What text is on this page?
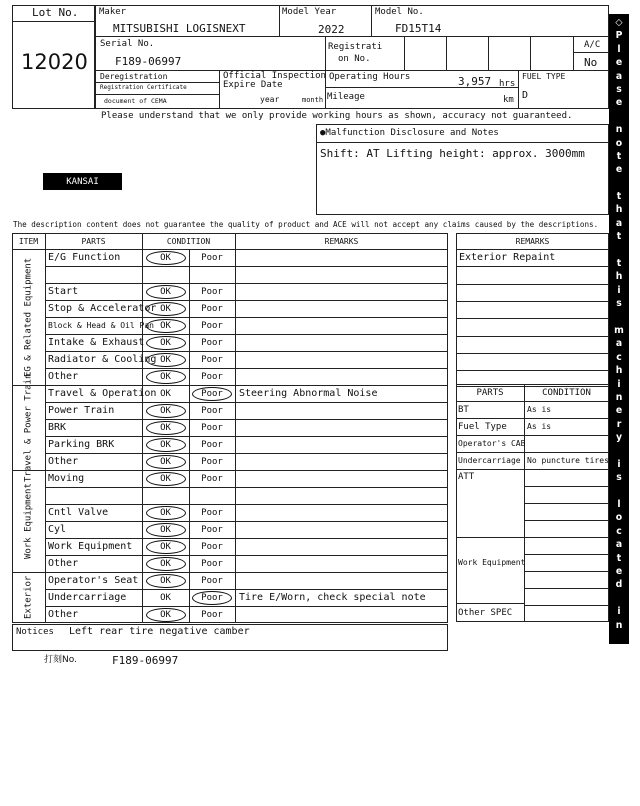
Lot No.
12020
Maker
MITSUBISHI LOGISNEXT
Model Year
2022
Model No.
FD15T14
Serial No.
F189-06997
Registrati
on No.
A/C
No
Deregistration
Registration Certificate
document of CEMA
Official Inspection
Expire Date
year	month
Operating Hours	3,957 hrs
Mileage	km
FUEL TYPE
D
Please understand that we only provide working hours as shown, accuracy not guaranteed.
●Malfunction Disclosure and Notes
Shift: AT Lifting height: approx. 3000mm
KANSAI
The description content does not guarantee the quality of product and ACE will not accept any claims caused by the descriptions.
ITEM	PARTS	CONDITION	REMARKS
EG & Related Equipment	E/G Function	OK	Poor
Start	OK	Poor
Stop & Accelerator OK	Poor
Block & Head & Oil Pan OK	Poor
Intake & Exhaust	OK	Poor
Radiator & Cooling OK	Poor
Other	OK	Poor
Travel & Power Train	Travel & Operation OK	Poor	Steering Abnormal Noise
Power Train	OK	Poor
BRK	OK	Poor
Parking BRK	OK	Poor
Other	OK	Poor
Work Equipment
Moving	OK	Poor
Cntl Valve	OK	Poor
Cyl	OK	Poor
Work Equipment	OK	Poor
Other	OK	Poor
Exterior	Operator's Seat	OK	Poor
Undercarriage	OK	Poor	Tire E/Worn, check special note
Other	OK	Poor
REMARKS
Exterior Repaint
PARTS	CONDITION
BT	As is
Fuel Type	As is
Operator's CAB
Undercarriage No puncture tires
ATT
Work Equipment
Other SPEC
Notices Left rear tire negative camber
打刻No.	F189-06997
◇
P
l
e
a
s
e

n
o
t
e

t
h
a
t

t
h
i
s

m
a
c
h
i
n
e
r
y

i
s

l
o
c
a
t
e
d

i
n

K
a
n
s
a
i

Y
a
r
d
◇
